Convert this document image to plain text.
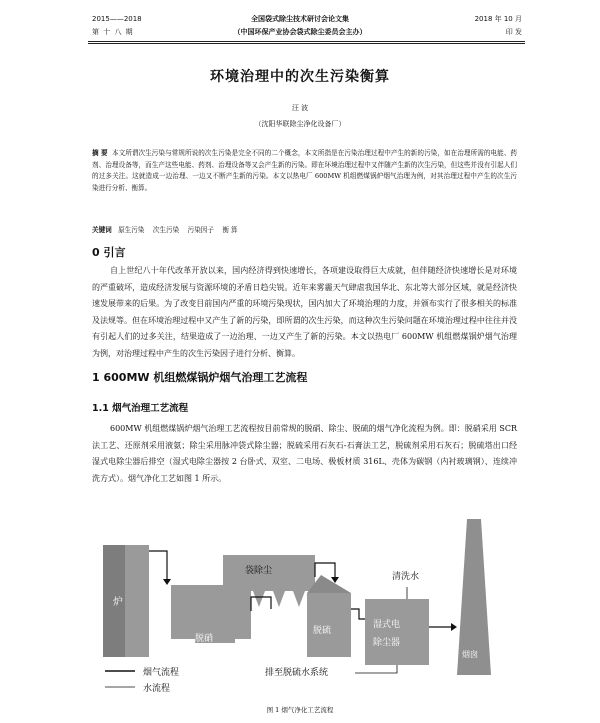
2015——2018
第 十 八 期
全国袋式除尘技术研讨会论文集
（中国环保产业协会袋式除尘委员会主办）
2018 年 10 月
印 发
环境治理中的次生污染衡算
汪 波
（沈阳华联除尘净化设备厂）
摘 要 本文所谓次生污染与常规所说的次生污染是完全不同的二个概念，本文所指是在污染治理过程中产生的新的污染，如在治理所需的电能、药剂、治理设备等，而生产这些电能、药剂、治理设备等又会产生新的污染。即在环境治理过程中又伴随产生新的次生污染，但这些并没有引起人们的过多关注。这就造成一边治理、一边又不断产生新的污染。本文以热电厂 600MW 机组燃煤锅炉烟气治理为例，对其治理过程中产生的次生污染进行分析、衡算。
关键词 原生污染    次生污染    污染因子    衡 算
0 引言
自上世纪八十年代改革开放以来，国内经济得到快速增长，各项建设取得巨大成就，但伴随经济快速增长是对环境的严重破坏，造成经济发展与资源环境的矛盾日趋尖锐。近年来雾霾天气肆虐我国华北、东北等大部分区域，就是经济快速发展带来的后果。为了改变目前国内严重的环境污染现状，国内加大了环境治理的力度，并颁布实行了很多相关的标准及法规等。但在环境治理过程中又产生了新的污染，即所谓的次生污染，而这种次生污染问题在环境治理过程中往往并没有引起人们的过多关注，结果造成了一边治理、一边又产生了新的污染。本文以热电厂 600MW 机组燃煤锅炉烟气治理为例，对治理过程中产生的次生污染因子进行分析、衡算。
1 600MW 机组燃煤锅炉烟气治理工艺流程
1.1 烟气治理工艺流程
600MW 机组燃煤锅炉烟气治理工艺流程按目前常规的脱硝、除尘、脱硫的烟气净化流程为例。即：脱硝采用 SCR 法工艺、还原剂采用液氨；除尘采用脉冲袋式除尘器；脱硫采用石灰石-石膏法工艺，脱硫剂采用石灰石；脱硫塔出口经湿式电除尘器后排空（湿式电除尘器按 2 台卧式、双室、二电场、极板材质 316L、壳体为碳钢（内衬玻璃钢）、连续冲洗方式）。烟气净化工艺如图 1 所示。
炉
脱硝
袋除尘
脱硫
湿式电
除尘器
烟囱
清洗水
排至脱硫水系统
烟气流程
水流程
图 1 烟气净化工艺流程
